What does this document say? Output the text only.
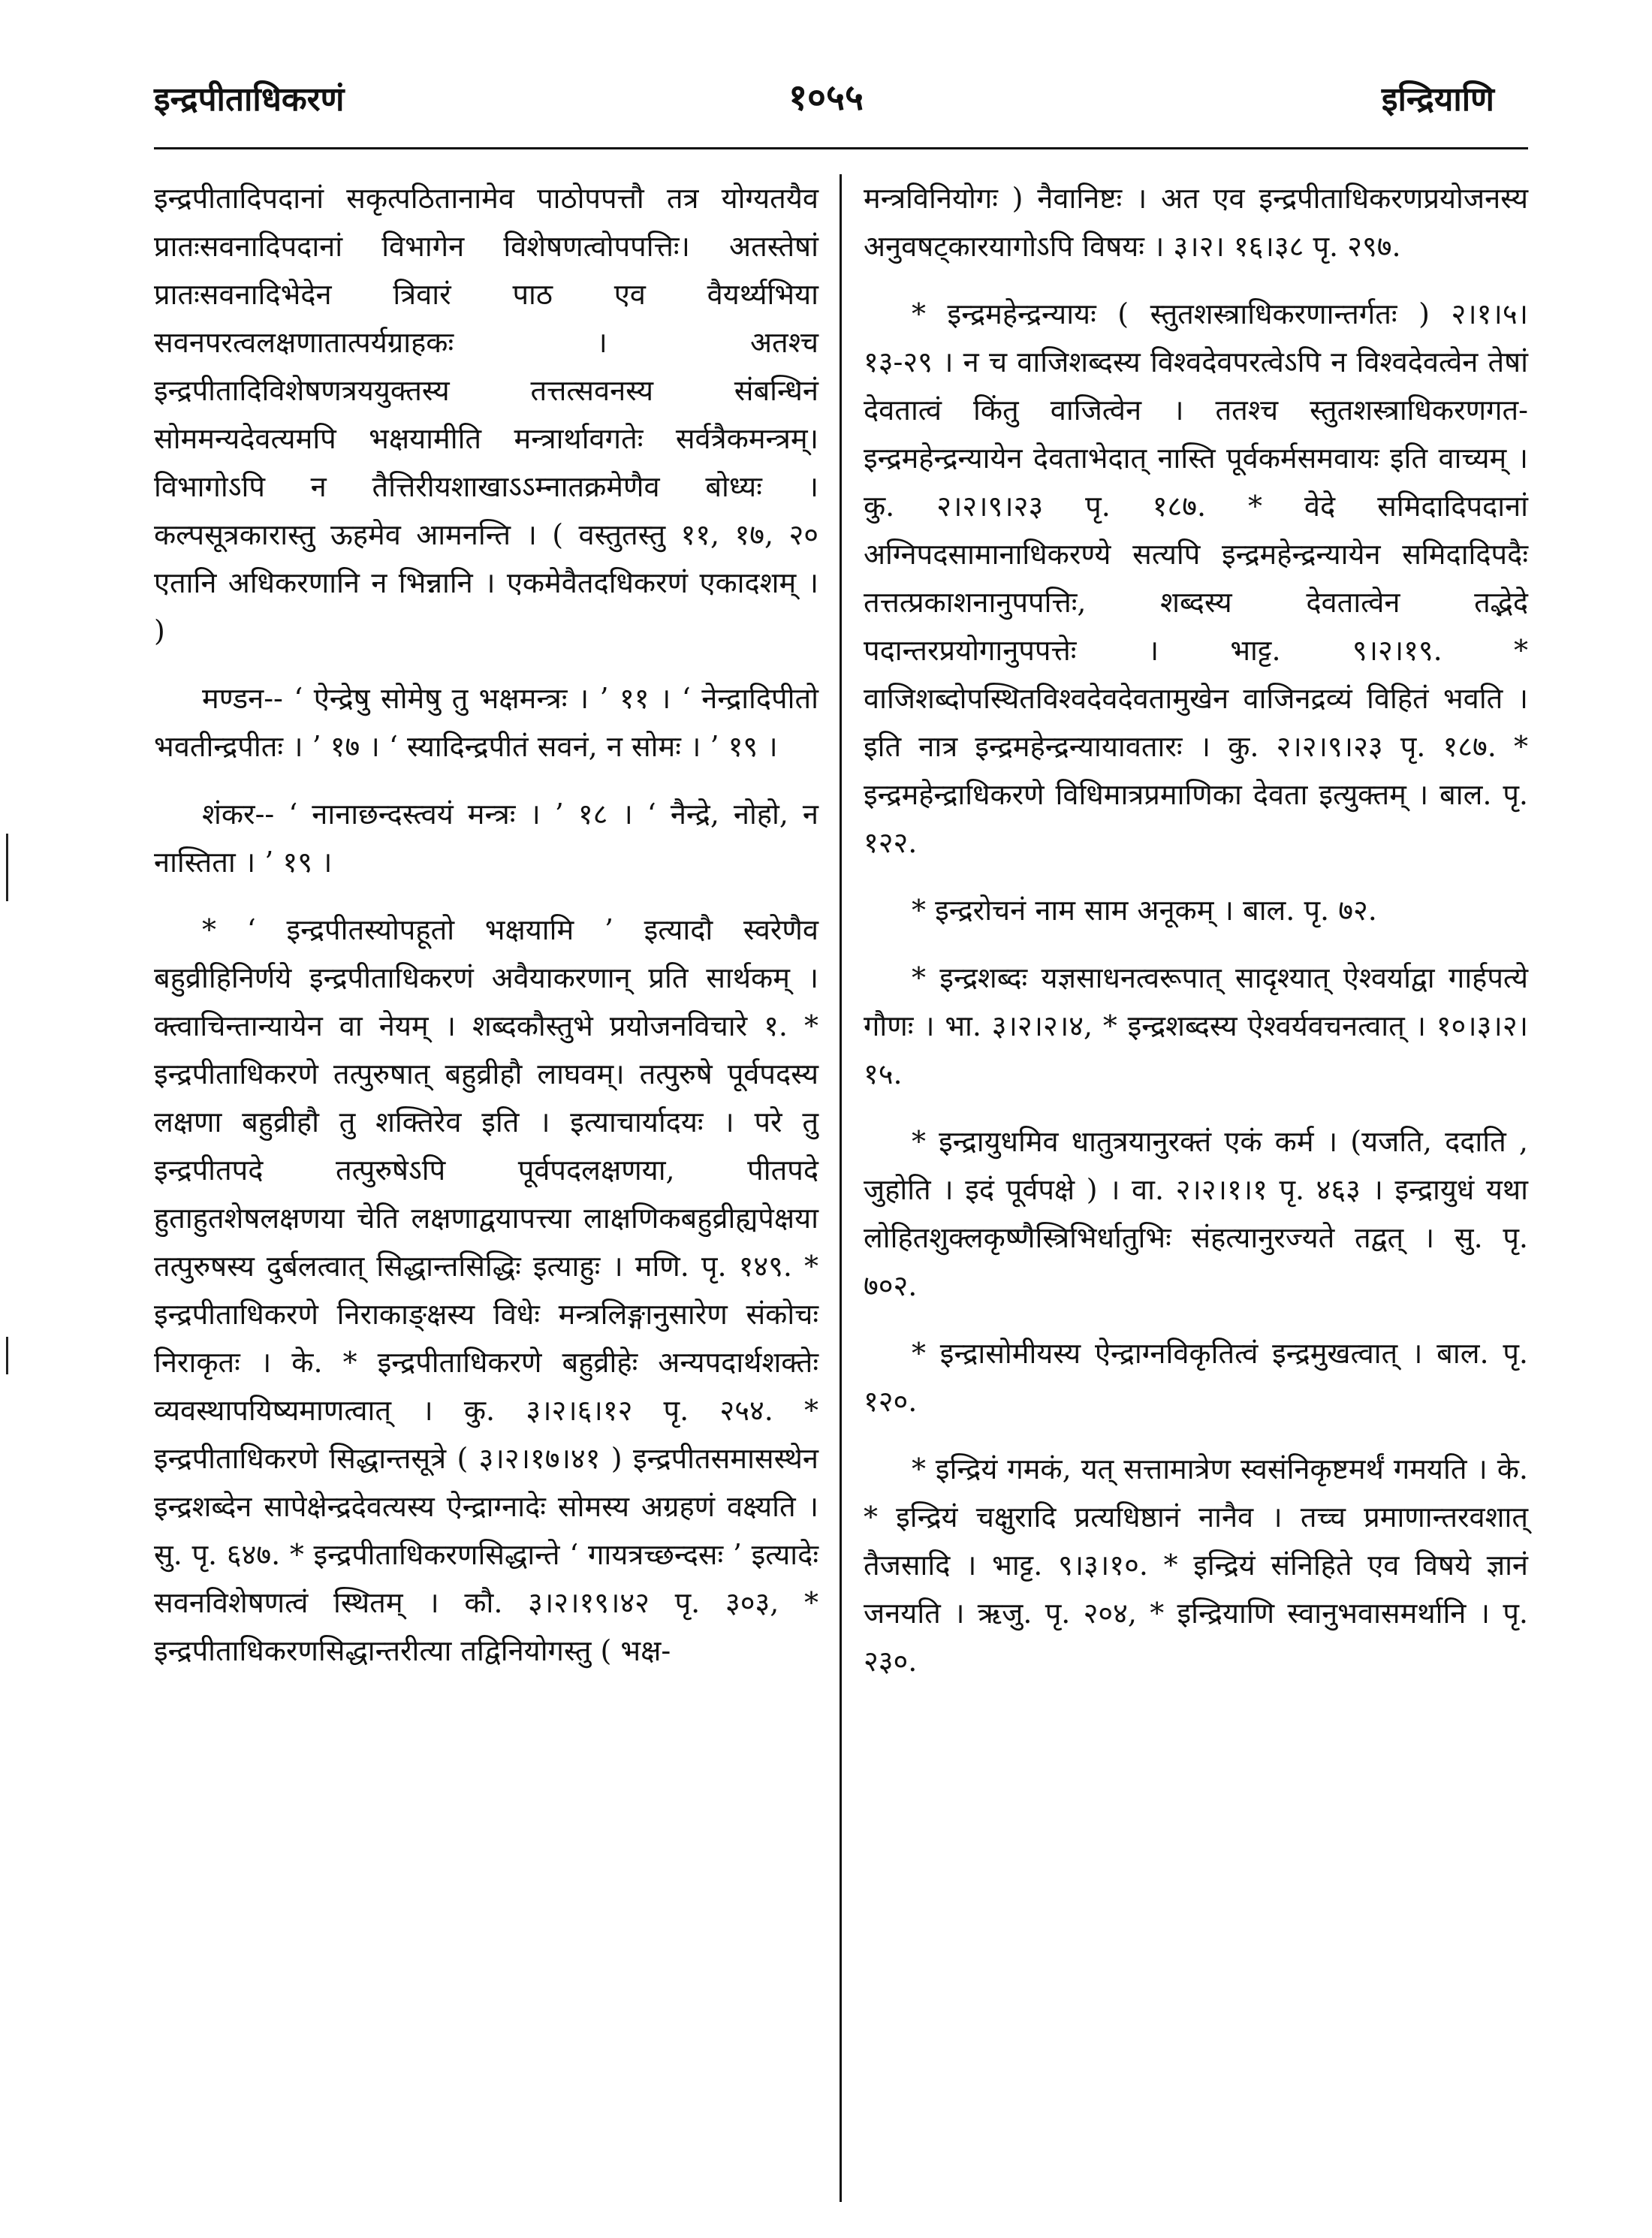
इन्द्रपीताधिकरणं	१०५५	इन्द्रियाणि

इन्द्रपीतादिपदानां सकृत्पठितानामेव पाठोपपत्तौ तत्र योग्यतयैव प्रातःसवनादिपदानां विभागेन विशेषणत्वोपपत्तिः। अतस्तेषां प्रातःसवनादिभेदेन त्रिवारं पाठ एव वैयर्थ्यभिया सवनपरत्वलक्षणातात्पर्यग्राहकः । अतश्च इन्द्रपीतादिविशेषणत्रययुक्तस्य तत्तत्सवनस्य संबन्धिनं सोममन्यदेवत्यमपि भक्षयामीति मन्त्रार्थावगतेः सर्वत्रैकमन्त्रम्। विभागोऽपि न तैत्तिरीयशाखाऽऽम्नातक्रमेणैव बोध्यः । कल्पसूत्रकारास्तु ऊहमेव आमनन्ति । ( वस्तुतस्तु ११, १७, २० एतानि अधिकरणानि न भिन्नानि । एकमेवैतदधिकरणं एकादशम् । )

मण्डन-- ‘ ऐन्द्रेषु सोमेषु तु भक्षमन्त्रः । ’ ११ । ‘ नेन्द्रादिपीतो भवतीन्द्रपीतः । ’ १७ । ‘ स्यादिन्द्रपीतं सवनं, न सोमः । ’ १९ ।

शंकर-- ‘ नानाछन्दस्त्वयं मन्त्रः । ’ १८ । ‘ नैन्द्रे, नोहो, न नास्तिता । ’ १९ ।

* ‘ इन्द्रपीतस्योपहूतो भक्षयामि ’ इत्यादौ स्वरेणैव बहुव्रीहिनिर्णये इन्द्रपीताधिकरणं अवैयाकरणान् प्रति सार्थकम् । क्त्वाचिन्तान्यायेन वा नेयम् । शब्दकौस्तुभे प्रयोजनविचारे १. * इन्द्रपीताधिकरणे तत्पुरुषात् बहुव्रीहौ लाघवम्। तत्पुरुषे पूर्वपदस्य लक्षणा बहुव्रीहौ तु शक्तिरेव इति । इत्याचार्यादयः । परे तु इन्द्रपीतपदे तत्पुरुषेऽपि पूर्वपदलक्षणया, पीतपदे हुताहुतशेषलक्षणया चेति लक्षणाद्वयापत्त्या लाक्षणिकबहुव्रीह्यपेक्षया तत्पुरुषस्य दुर्बलत्वात् सिद्धान्तसिद्धिः इत्याहुः । मणि. पृ. १४९. * इन्द्रपीताधिकरणे निराकाङ्क्षस्य विधेः मन्त्रलिङ्गानुसारेण संकोचः निराकृतः । के. * इन्द्रपीताधिकरणे बहुव्रीहेः अन्यपदार्थशक्तेः व्यवस्थापयिष्यमाणत्वात् । कु. ३।२।६।१२ पृ. २५४. * इन्द्रपीताधिकरणे सिद्धान्तसूत्रे ( ३।२।१७।४१ ) इन्द्रपीतसमासस्थेन इन्द्रशब्देन सापेक्षेन्द्रदेवत्यस्य ऐन्द्राग्नादेः सोमस्य अग्रहणं वक्ष्यति । सु. पृ. ६४७. * इन्द्रपीताधिकरणसिद्धान्ते ‘ गायत्रच्छन्दसः ’ इत्यादेः सवनविशेषणत्वं स्थितम् । कौ. ३।२।१९।४२ पृ. ३०३, * इन्द्रपीताधिकरणसिद्धान्तरीत्या तद्विनियोगस्तु ( भक्ष-

मन्त्रविनियोगः ) नैवानिष्टः । अत एव इन्द्रपीताधिकरणप्रयोजनस्य अनुवषट्कारयागोऽपि विषयः । ३।२। १६।३८ पृ. २९७.

* इन्द्रमहेन्द्रन्यायः ( स्तुतशस्त्राधिकरणान्तर्गतः ) २।१।५।१३-२९ । न च वाजिशब्दस्य विश्वदेवपरत्वेऽपि न विश्वदेवत्वेन तेषां देवतात्वं किंतु वाजित्वेन । ततश्च स्तुतशस्त्राधिकरणगत-इन्द्रमहेन्द्रन्यायेन देवताभेदात् नास्ति पूर्वकर्मसमवायः इति वाच्यम् । कु. २।२।९।२३ पृ. १८७. * वेदे समिदादिपदानां अग्निपदसामानाधिकरण्ये सत्यपि इन्द्रमहेन्द्रन्यायेन समिदादिपदैः तत्तत्प्रकाशनानुपपत्तिः, शब्दस्य देवतात्वेन तद्भेदे पदान्तरप्रयोगानुपपत्तेः । भाट्ट. ९।२।१९. * वाजिशब्दोपस्थितविश्वदेवदेवतामुखेन वाजिनद्रव्यं विहितं भवति । इति नात्र इन्द्रमहेन्द्रन्यायावतारः । कु. २।२।९।२३ पृ. १८७. * इन्द्रमहेन्द्राधिकरणे विधिमात्रप्रमाणिका देवता इत्युक्तम् । बाल. पृ. १२२.

* इन्द्ररोचनं नाम साम अनूकम् । बाल. पृ. ७२.

* इन्द्रशब्दः यज्ञसाधनत्वरूपात् सादृश्यात् ऐश्वर्याद्वा गार्हपत्ये गौणः । भा. ३।२।२।४, * इन्द्रशब्दस्य ऐश्वर्यवचनत्वात् । १०।३।२।१५.

* इन्द्रायुधमिव धातुत्रयानुरक्तं एकं कर्म । (यजति, ददाति , जुहोति । इदं पूर्वपक्षे ) । वा. २।२।१।१ पृ. ४६३ । इन्द्रायुधं यथा लोहितशुक्लकृष्णैस्त्रिभिर्धातुभिः संहत्यानुरज्यते तद्वत् । सु. पृ. ७०२.

* इन्द्रासोमीयस्य ऐन्द्राग्नविकृतित्वं इन्द्रमुखत्वात् । बाल. पृ. १२०.

* इन्द्रियं गमकं, यत् सत्तामात्रेण स्वसंनिकृष्टमर्थं गमयति । के. * इन्द्रियं चक्षुरादि प्रत्यधिष्ठानं नानैव । तच्च प्रमाणान्तरवशात् तैजसादि । भाट्ट. ९।३।१०. * इन्द्रियं संनिहिते एव विषये ज्ञानं जनयति । ऋजु. पृ. २०४, * इन्द्रियाणि स्वानुभवासमर्थानि । पृ. २३०.
